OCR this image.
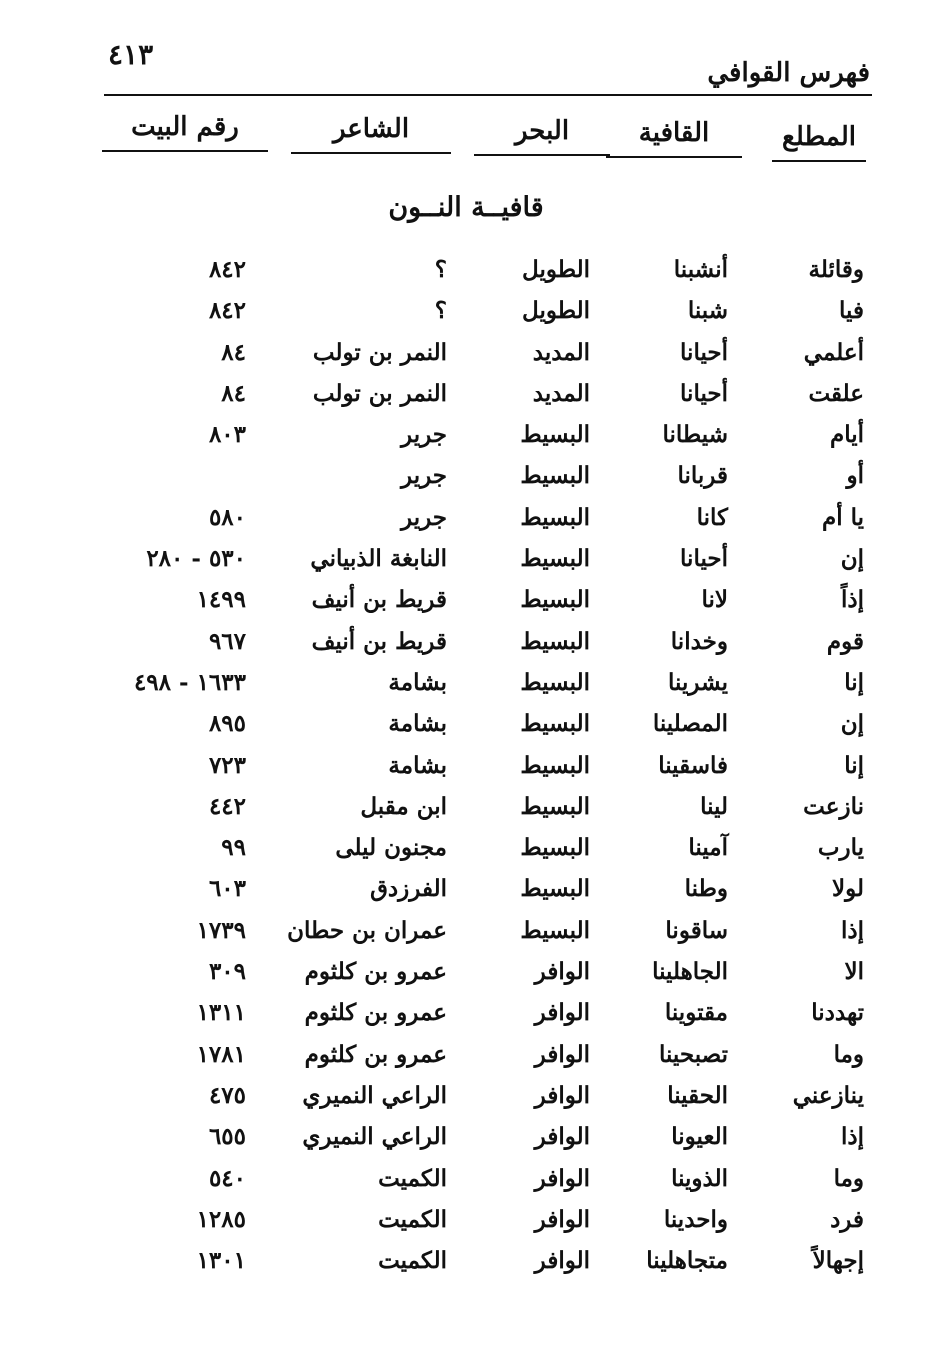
٤١٣
فهرس القوافي
المطلع
القافية
البحر
الشاعر
رقم البيت
قافيــة النــون
وقائلة
أنشبنا
الطويل
؟
٨٤٢
فيا
شبنا
الطويل
؟
٨٤٢
أعلمي
أحيانا
المديد
النمر بن تولب
٨٤
علقت
أحيانا
المديد
النمر بن تولب
٨٤
أيام
شيطانا
البسيط
جرير
٨٠٣
أو
قربانا
البسيط
جرير
يا أم
كانا
البسيط
جرير
٥٨٠
إن
أحيانا
البسيط
النابغة الذبياني
٥٣٠ - ٢٨٠
إذاً
لانا
البسيط
قريط بن أنيف
١٤٩٩
قوم
وخدانا
البسيط
قريط بن أنيف
٩٦٧
إنا
يشرينا
البسيط
بشامة
١٦٣٣ - ٤٩٨
إن
المصلينا
البسيط
بشامة
٨٩٥
إنا
فاسقينا
البسيط
بشامة
٧٢٣
نازعت
لينا
البسيط
ابن مقبل
٤٤٢
يارب
آمينا
البسيط
مجنون ليلى
٩٩
لولا
وطنا
البسيط
الفرزدق
٦٠٣
إذا
ساقونا
البسيط
عمران بن حطان
١٧٣٩
الا
الجاهلينا
الوافر
عمرو بن كلثوم
٣٠٩
تهددنا
مقتوينا
الوافر
عمرو بن كلثوم
١٣١١
وما
تصبحينا
الوافر
عمرو بن كلثوم
١٧٨١
ينازعني
الحقينا
الوافر
الراعي النميري
٤٧٥
إذا
العيونا
الوافر
الراعي النميري
٦٥٥
وما
الذوينا
الوافر
الكميت
٥٤٠
فرد
واحدينا
الوافر
الكميت
١٢٨٥
إجهالاً
متجاهلينا
الوافر
الكميت
١٣٠١
